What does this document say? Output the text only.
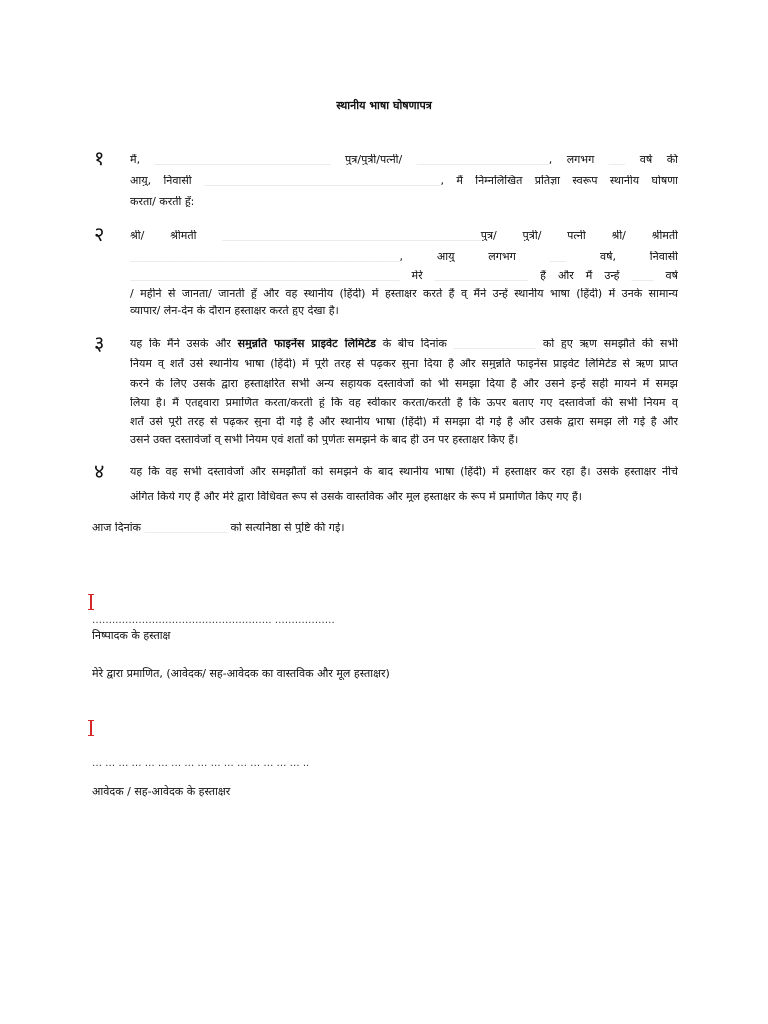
स्थानीय भाषा घोषणापत्र
१ मैं, ________________________________ पुत्र/पुत्री/पत्नी/ ________________________, लगभग ___ वर्ष की
आयु, निवासी ___________________________________________, मैं निम्नलिखित प्रतिज्ञा स्वरूप स्थानीय घोषणा
करता/ करती हूँ:
२ श्री/ श्रीमती _______________________________________________पुत्र/ पुत्री/ पत्नी श्री/ श्रीमती
_________________________________________________, आयु लगभग ___ वर्ष, निवासी
_________________________________________________ मेरे _________________ हैं और मैं उन्हें ____ वर्ष
/ महीने से जानता/ जानती हूँ और वह स्थानीय (हिंदी) में हस्ताक्षर करते हैं व् मैंने उन्हें स्थानीय भाषा (हिंदी) में उनके सामान्य
व्यापार/ लेन-देन के दौरान हस्ताक्षर करते हुए देखा है।
३ यह कि मैंने उसके और समुन्नति फाइनेंस प्राइवेट लिमिटेड के बीच दिनांक _______________ को हुए ऋण समझौते की सभी
नियम व् शर्तें उसे स्थानीय भाषा (हिंदी) में पूरी तरह से पढ़कर सुना दिया है और समुन्नति फाइनेंस प्राइवेट लिमिटेड से ऋण प्राप्त
करने के लिए उसके द्वारा हस्ताक्षरित सभी अन्य सहायक दस्तावेजों को भी समझा दिया है और उसने इन्हें सही मायने में समझ
लिया है। मैं एतद्द्वारा प्रमाणित करता/करती हूं कि वह स्वीकार करता/करती है कि ऊपर बताए गए दस्तावेजों की सभी नियम व्
शर्तें उसे पूरी तरह से पढ़कर सुना दी गई है और स्थानीय भाषा (हिंदी) में समझा दी गई है और उसके द्वारा समझ ली गई है और
उसने उक्त दस्तावेजों व् सभी नियम एवं शर्तों को पुर्णतः समझने के बाद ही उन पर हस्ताक्षर किए हैं।
४ यह कि वह सभी दस्तावेजों और समझौतों को समझने के बाद स्थानीय भाषा (हिंदी) में हस्ताक्षर कर रहा है। उसके हस्ताक्षर नीचे
अंगित किये गए हैं और मेरे द्वारा विधिवत रूप से उसके वास्तविक और मूल हस्ताक्षर के रूप में प्रमाणित किए गए हैं।
आज दिनांक _______________ को सत्यनिष्ठा से पुष्टि की गई।
……..………………………………………. ………………
निष्पादक के हस्ताक्ष
मेरे द्वारा प्रमाणित, (आवेदक/ सह-आवेदक का वास्तविक और मूल हस्ताक्षर)
… … … … … … … … … … … … … … … … ..
आवेदक / सह-आवेदक के हस्ताक्षर
